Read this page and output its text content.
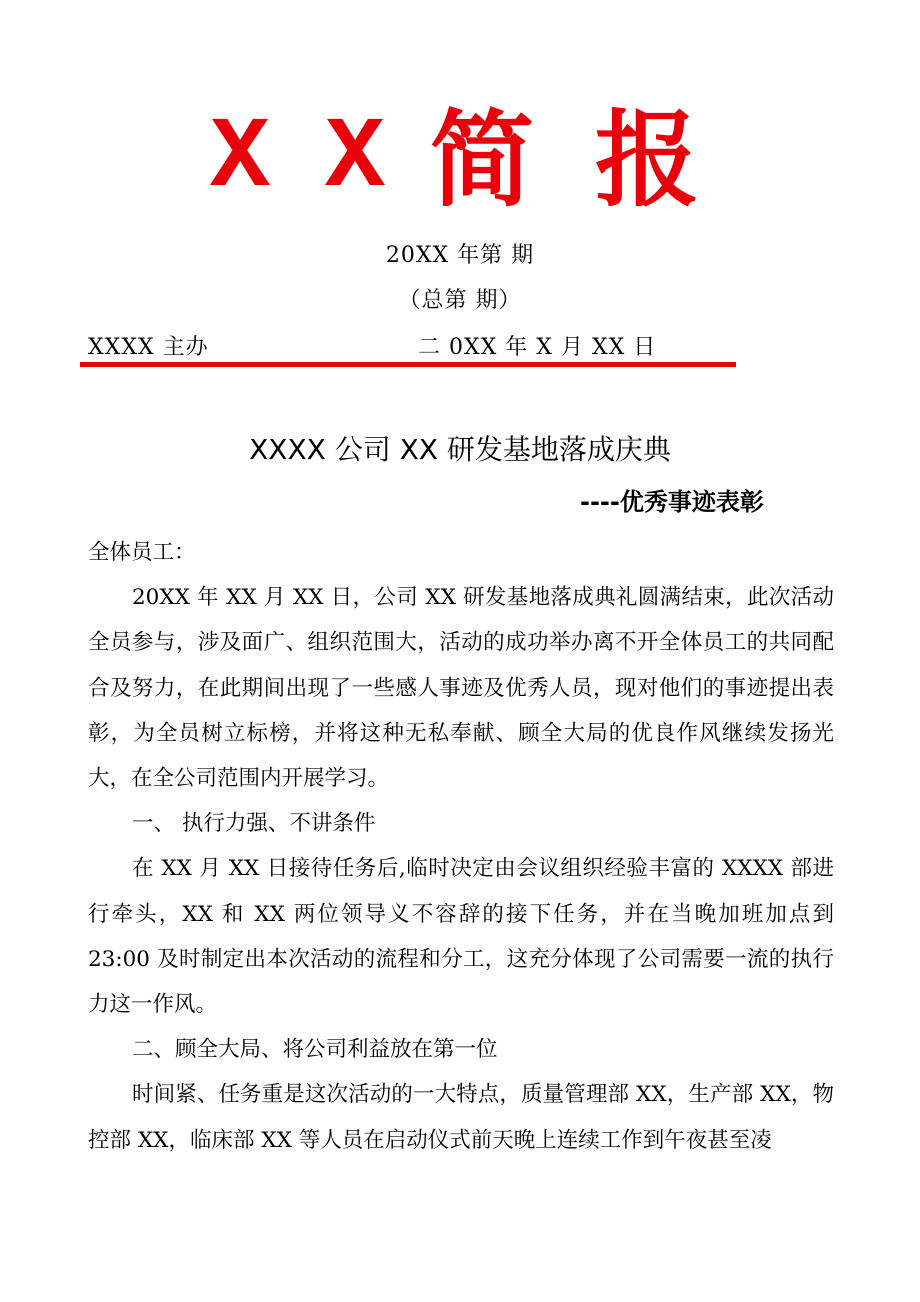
X X 简 报
20XX 年第 期
（总第 期）
XXXX 主办	二 0XX 年 X 月 XX 日
XXXX 公司 XX 研发基地落成庆典
----优秀事迹表彰

全体员工：

20XX 年 XX 月 XX 日，公司 XX 研发基地落成典礼圆满结束，此次活动全员参与，涉及面广、组织范围大，活动的成功举办离不开全体员工的共同配合及努力，在此期间出现了一些感人事迹及优秀人员，现对他们的事迹提出表彰，为全员树立标榜，并将这种无私奉献、顾全大局的优良作风继续发扬光大，在全公司范围内开展学习。

一、 执行力强、不讲条件

在 XX 月 XX 日接待任务后,临时决定由会议组织经验丰富的 XXXX 部进行牵头，XX 和 XX 两位领导义不容辞的接下任务，并在当晚加班加点到 23:00 及时制定出本次活动的流程和分工，这充分体现了公司需要一流的执行力这一作风。

二、顾全大局、将公司利益放在第一位

时间紧、任务重是这次活动的一大特点，质量管理部 XX，生产部 XX，物控部 XX，临床部 XX 等人员在启动仪式前天晚上连续工作到午夜甚至凌
